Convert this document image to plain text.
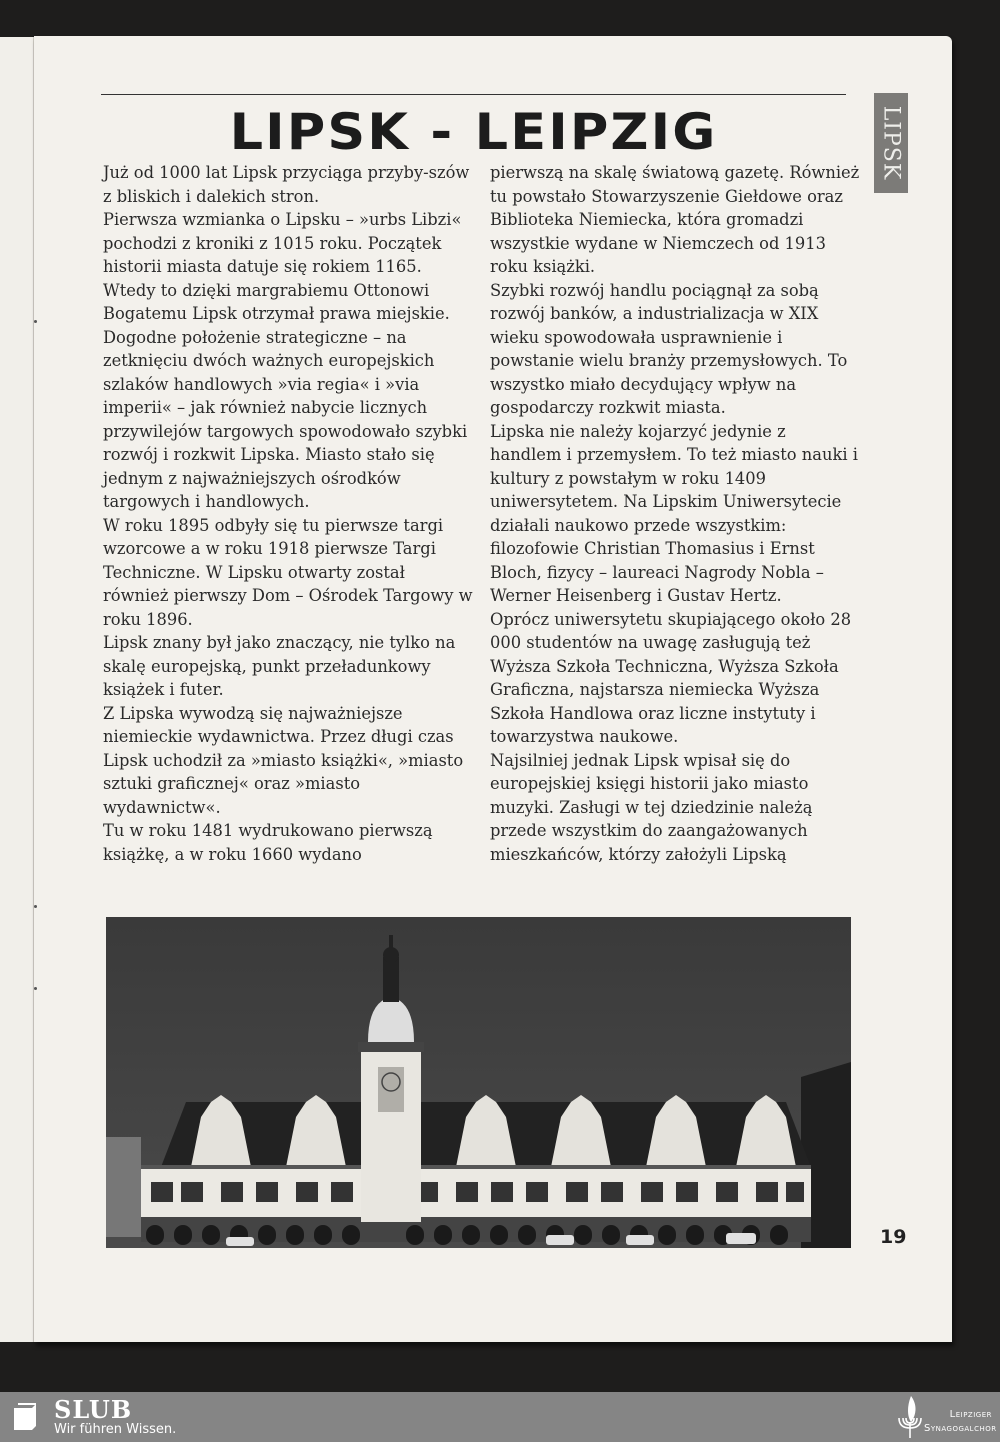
LIPSK - LEIPZIG	LIPSK

Już od 1000 lat Lipsk przyciąga przyby-szów z bliskich i dalekich stron.

Pierwsza wzmianka o Lipsku – »urbs Libzi« pochodzi z kroniki z 1015 roku. Początek historii miasta datuje się rokiem 1165. Wtedy to dzięki margrabiemu Ottonowi Bogatemu Lipsk otrzymał prawa miejskie.

Dogodne położenie strategiczne – na zetknięciu dwóch ważnych europejskich szlaków handlowych »via regia« i »via imperii« – jak również nabycie licznych przywilejów targowych spowodowało szybki rozwój i rozkwit Lipska. Miasto stało się jednym z najważniejszych ośrodków targowych i handlowych.

W roku 1895 odbyły się tu pierwsze targi wzorcowe a w roku 1918 pierwsze Targi Techniczne. W Lipsku otwarty został również pierwszy Dom – Ośrodek Targowy w roku 1896.

Lipsk znany był jako znaczący, nie tylko na skalę europejską, punkt przeładunkowy książek i futer.

Z Lipska wywodzą się najważniejsze niemieckie wydawnictwa. Przez długi czas Lipsk uchodził za »miasto książki«, »miasto sztuki graficznej« oraz »miasto wydawnictw«.

Tu w roku 1481 wydrukowano pierwszą książkę, a w roku 1660 wydano

pierwszą na skalę światową gazetę. Również tu powstało Stowarzyszenie Giełdowe oraz Biblioteka Niemiecka, która gromadzi wszystkie wydane w Niemczech od 1913 roku książki.

Szybki rozwój handlu pociągnął za sobą rozwój banków, a industrializacja w XIX wieku spowodowała usprawnienie i powstanie wielu branży przemysłowych. To wszystko miało decydujący wpływ na gospodarczy rozkwit miasta.

Lipska nie należy kojarzyć jedynie z handlem i przemysłem. To też miasto nauki i kultury z powstałym w roku 1409 uniwersytetem. Na Lipskim Uniwersytecie działali naukowo przede wszystkim: filozofowie Christian Thomasius i Ernst Bloch, fizycy – laureaci Nagrody Nobla – Werner Heisenberg i Gustav Hertz.

Oprócz uniwersytetu skupiającego około 28 000 studentów na uwagę zasługują też Wyższa Szkoła Techniczna, Wyższa Szkoła Graficzna, najstarsza niemiecka Wyższa Szkoła Handlowa oraz liczne instytuty i towarzystwa naukowe.

Najsilniej jednak Lipsk wpisał się do europejskiej księgi historii jako miasto muzyki. Zasługi w tej dziedzinie należą przede wszystkim do zaangażowanych mieszkańców, którzy założyli Lipską

19
SLUB
Wir führen Wissen.
Leipziger
Synagogalchor
